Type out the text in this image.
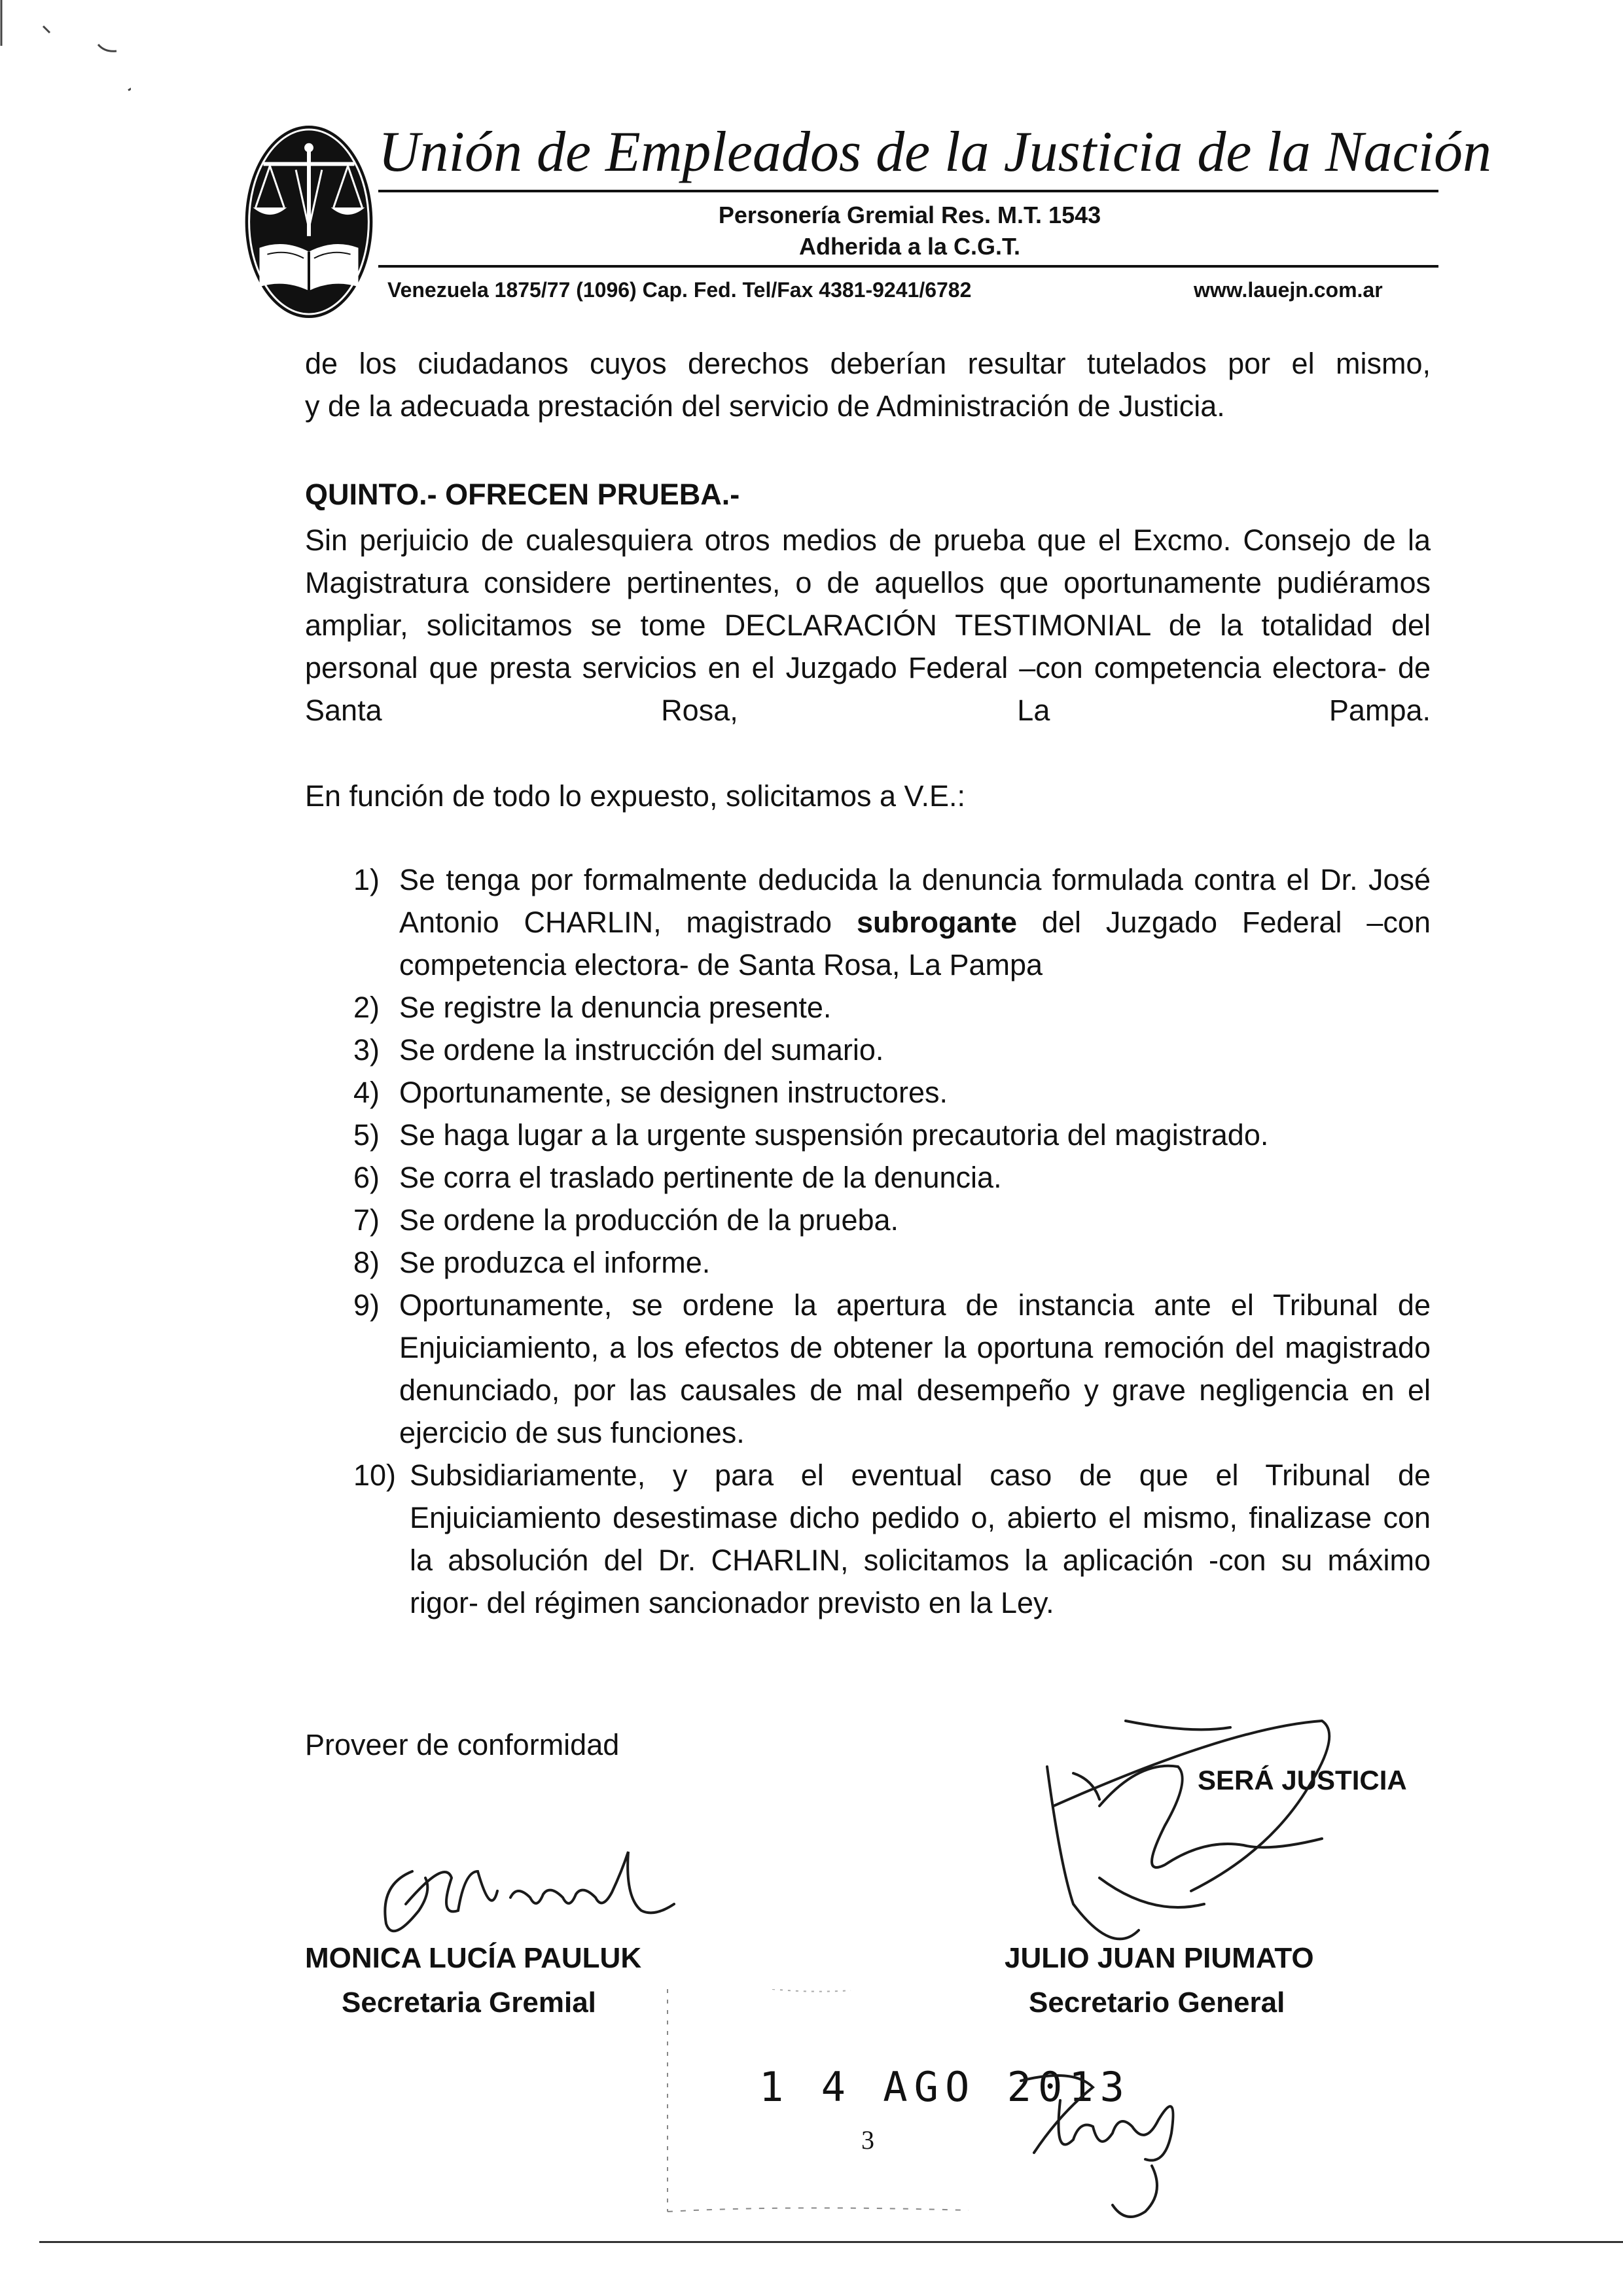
Unión de Empleados de la Justicia de la Nación
Personería Gremial Res. M.T. 1543
Adherida a la C.G.T.
Venezuela 1875/77 (1096) Cap. Fed. Tel/Fax 4381-9241/6782	www.lauejn.com.ar
de los ciudadanos cuyos derechos deberían resultar tutelados por el mismo,
y de la adecuada prestación del servicio de Administración de Justicia.
QUINTO.- OFRECEN PRUEBA.-
Sin perjuicio de cualesquiera otros medios de prueba que el Excmo. Consejo de la Magistratura considere pertinentes, o de aquellos que oportunamente pudiéramos ampliar, solicitamos se tome DECLARACIÓN TESTIMONIAL de la totalidad del personal que presta servicios en el Juzgado Federal –con competencia electora- de Santa Rosa, La Pampa.
En función de todo lo expuesto, solicitamos a V.E.:
1) Se tenga por formalmente deducida la denuncia formulada contra el Dr. José Antonio CHARLIN, magistrado subrogante del Juzgado Federal –con competencia electora- de Santa Rosa, La Pampa
2) Se registre la denuncia presente.
3) Se ordene la instrucción del sumario.
4) Oportunamente, se designen instructores.
5) Se haga lugar a la urgente suspensión precautoria del magistrado.
6) Se corra el traslado pertinente de la denuncia.
7) Se ordene la producción de la prueba.
8) Se produzca el informe.
9) Oportunamente, se ordene la apertura de instancia ante el Tribunal de Enjuiciamiento, a los efectos de obtener la oportuna remoción del magistrado denunciado, por las causales de mal desempeño y grave negligencia en el ejercicio de sus funciones.
10) Subsidiariamente, y para el eventual caso de que el Tribunal de Enjuiciamiento desestimase dicho pedido o, abierto el mismo, finalizase con la absolución del Dr. CHARLIN, solicitamos la aplicación -con su máximo rigor- del régimen sancionador previsto en la Ley.
Proveer de conformidad
SERÁ JUSTICIA
MONICA LUCÍA PAULUK
Secretaria Gremial
JULIO JUAN PIUMATO
Secretario General
1 4 AGO 2013
3
